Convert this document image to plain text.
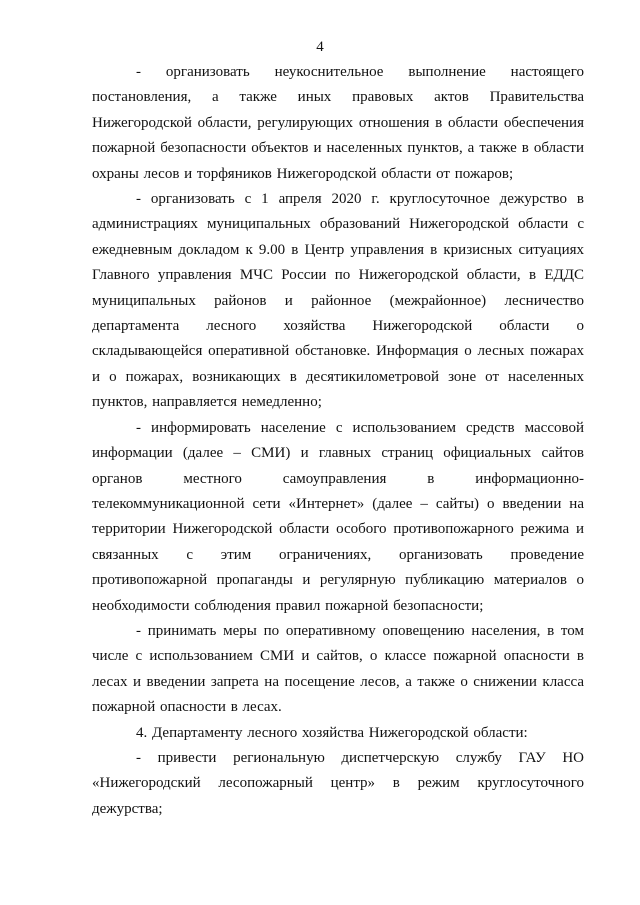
4

- организовать неукоснительное выполнение настоящего постановления, а также иных правовых актов Правительства Нижегородской области, регулирующих отношения в области обеспечения пожарной безопасности объектов и населенных пунктов, а также в области охраны лесов и торфяников Нижегородской области от пожаров;

- организовать с 1 апреля 2020 г. круглосуточное дежурство в администрациях муниципальных образований Нижегородской области с ежедневным докладом к 9.00 в Центр управления в кризисных ситуациях Главного управления МЧС России по Нижегородской области, в ЕДДС муниципальных районов и районное (межрайонное) лесничество департамента лесного хозяйства Нижегородской области о складывающейся оперативной обстановке. Информация о лесных пожарах и о пожарах, возникающих в десятикилометровой зоне от населенных пунктов, направляется немедленно;

- информировать население с использованием средств массовой информации (далее – СМИ) и главных страниц официальных сайтов органов местного самоуправления в информационно-телекоммуникационной сети «Интернет» (далее – сайты) о введении на территории Нижегородской области особого противопожарного режима и связанных с этим ограничениях, организовать проведение противопожарной пропаганды и регулярную публикацию материалов о необходимости соблюдения правил пожарной безопасности;

- принимать меры по оперативному оповещению населения, в том числе с использованием СМИ и сайтов, о классе пожарной опасности в лесах и введении запрета на посещение лесов, а также о снижении класса пожарной опасности в лесах.

4. Департаменту лесного хозяйства Нижегородской области:

- привести региональную диспетчерскую службу ГАУ НО «Нижегородский лесопожарный центр» в режим круглосуточного дежурства;
